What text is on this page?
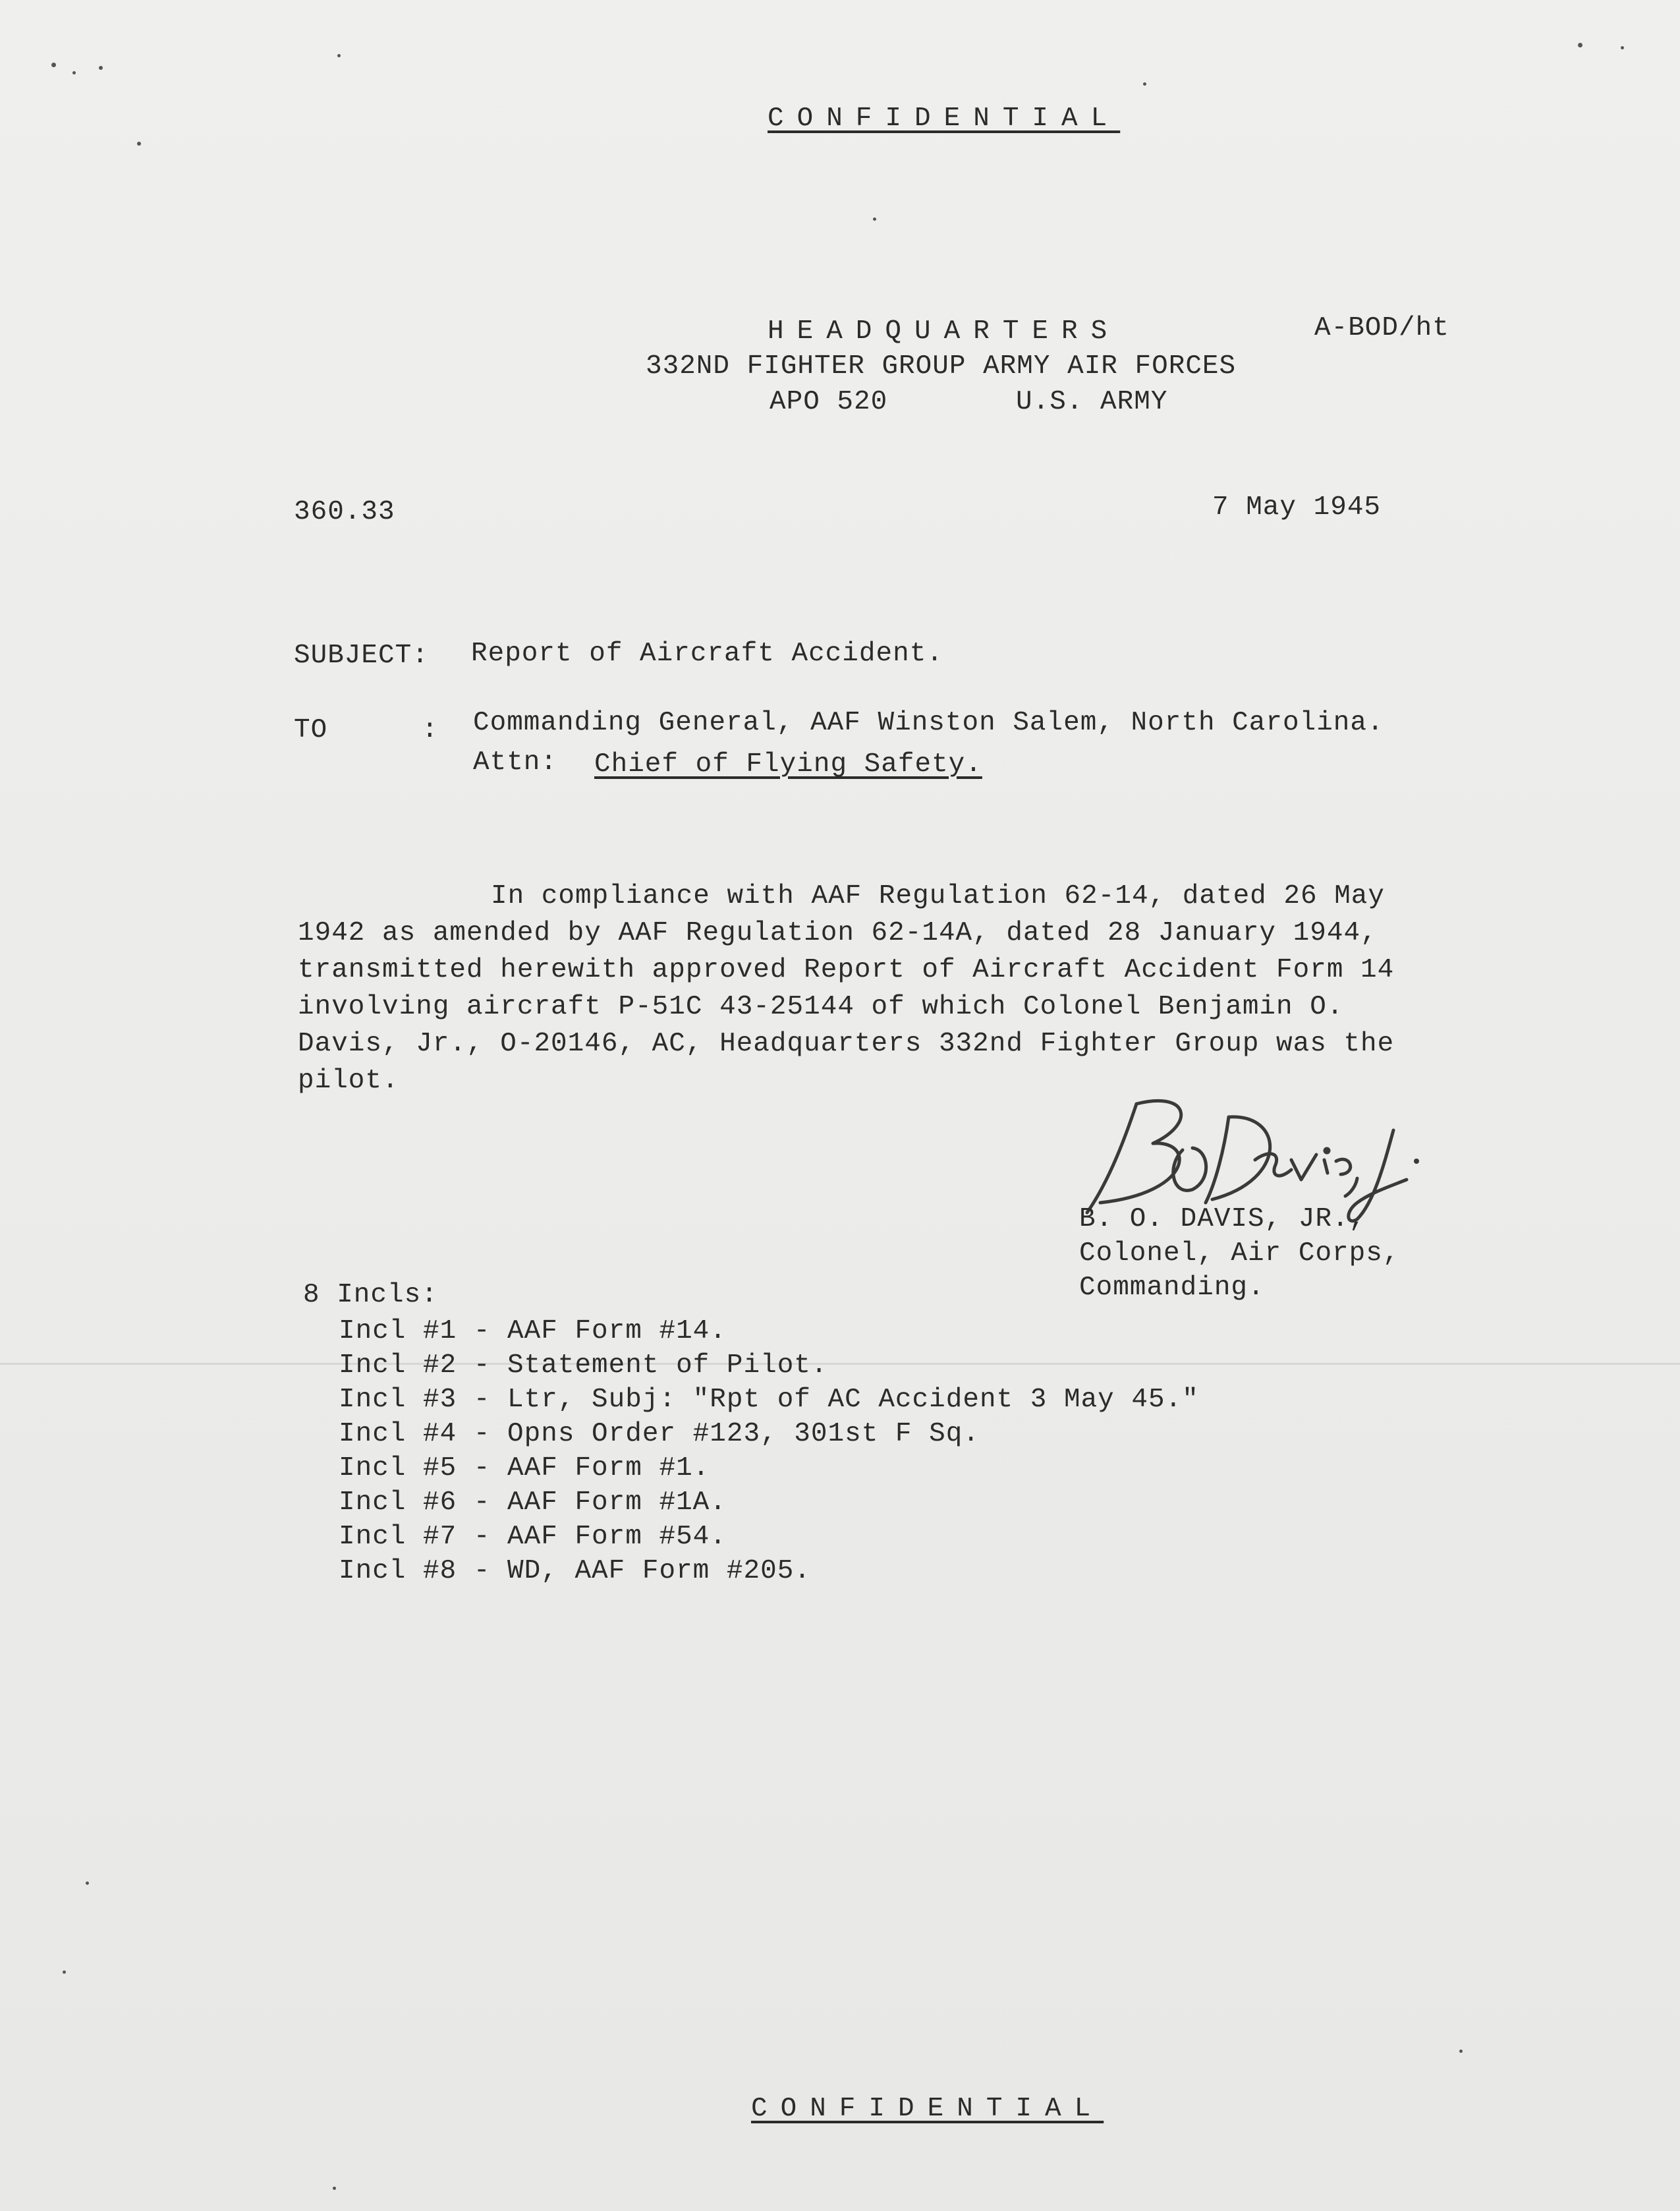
CONFIDENTIAL
HEADQUARTERS	A-BOD/ht
332ND FIGHTER GROUP ARMY AIR FORCES
APO 520	U.S. ARMY
360.33	7 May 1945
SUBJECT: Report of Aircraft Accident.
TO	: Commanding General, AAF Winston Salem, North Carolina.
Attn: Chief of Flying Safety.
In compliance with AAF Regulation 62-14, dated 26 May
1942 as amended by AAF Regulation 62-14A, dated 28 January 1944,
transmitted herewith approved Report of Aircraft Accident Form 14
involving aircraft P-51C 43-25144 of which Colonel Benjamin O.
Davis, Jr., O-20146, AC, Headquarters 332nd Fighter Group was the
pilot.
B. O. DAVIS, JR.,
Colonel, Air Corps,
Commanding.
8 Incls:
Incl #1 - AAF Form #14.
Incl #2 - Statement of Pilot.
Incl #3 - Ltr, Subj: "Rpt of AC Accident 3 May 45."
Incl #4 - Opns Order #123, 301st F Sq.
Incl #5 - AAF Form #1.
Incl #6 - AAF Form #1A.
Incl #7 - AAF Form #54.
Incl #8 - WD, AAF Form #205.
CONFIDENTIAL
